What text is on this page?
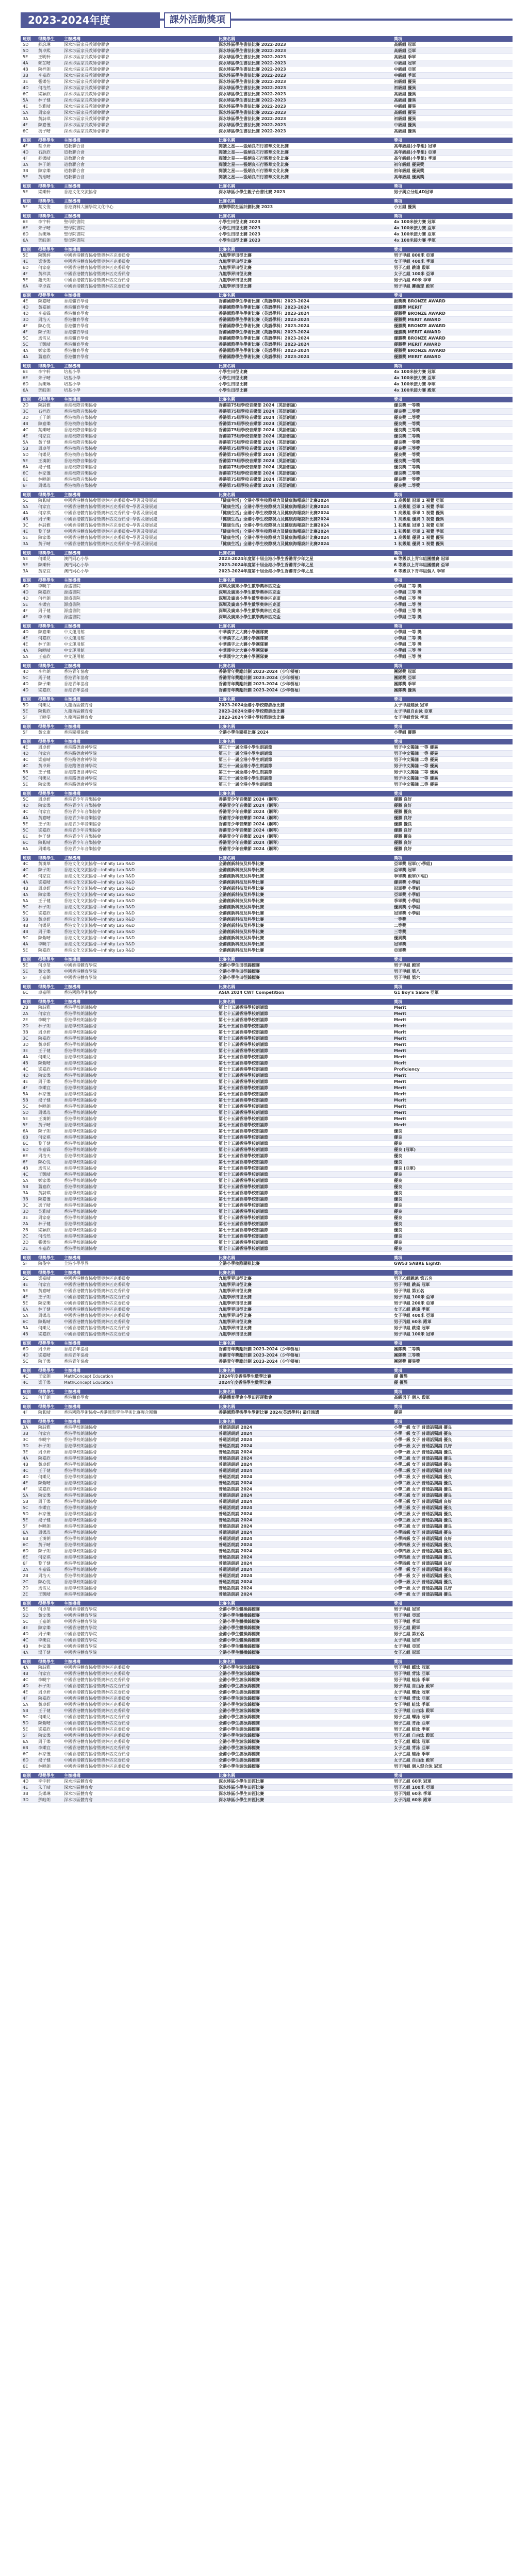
2023-2024年度	課外活動獎項
班別	得獎學生	主辦機構	比賽名稱	獎項
5D	蘇詠琳	深水埗區家長教師會聯會	深水埗區學生書法比賽 2022-2023	高級組 冠軍
5D	黃卓熙	深水埗區家長教師會聯會	深水埗區學生書法比賽 2022-2023	高級組 亞軍
5E	王明軒	深水埗區家長教師會聯會	深水埗區學生書法比賽 2022-2023	高級組 季軍
4A	鄭芷晴	深水埗區家長教師會聯會	深水埗區學生書法比賽 2022-2023	中級組 冠軍
4B	陳梓朗	深水埗區家長教師會聯會	深水埗區學生書法比賽 2022-2023	中級組 亞軍
3B	李嘉欣	深水埗區家長教師會聯會	深水埗區學生書法比賽 2022-2023	中級組 季軍
3E	張樂怡	深水埗區家長教師會聯會	深水埗區學生書法比賽 2022-2023	初級組 優異
4D	何浩然	深水埗區家長教師會聯會	深水埗區學生書法比賽 2022-2023	初級組 優異
6C	梁穎欣	深水埗區家長教師會聯會	深水埗區學生書法比賽 2022-2023	高級組 優異
5A	林子健	深水埗區家長教師會聯會	深水埗區學生書法比賽 2022-2023	高級組 優異
4E	吳雅晴	深水埗區家長教師會聯會	深水埗區學生書法比賽 2022-2023	中級組 優異
5A	周家豪	深水埗區家長教師會聯會	深水埗區學生書法比賽 2022-2023	高級組 優異
3A	黃詩琪	深水埗區家長教師會聯會	深水埗區學生書法比賽 2022-2023	初級組 優異
4F	陳嘉儀	深水埗區家長教師會聯會	深水埗區學生書法比賽 2022-2023	中級組 優異
6C	馮子晴	深水埗區家長教師會聯會	深水埗區學生書法比賽 2022-2023	高級組 優異
班別	得獎學生	主辦機構	比賽名稱	獎項
4F	蔡卓妍	道教聯合會	閱讀之星——張炳良石行將華文化比賽	高年級組(小學組) 冠軍
4D	石詠欣	道教聯合會	閱讀之星——張炳良石行將華文化比賽	高年級組(小學組) 亞軍
4F	蘇樂晴	道教聯合會	閱讀之星——張炳良石行將華文化比賽	高年級組(小學組) 季軍
3A	林子朗	道教聯合會	閱讀之星——張炳良石行將華文化比賽	初年級組 優異獎
3B	陳家樂	道教聯合會	閱讀之星——張炳良石行將華文化比賽	初年級組 優異獎
5E	黃翊晴	道教聯合會	閱讀之星——張炳良石行將華文化比賽	高年級組 優異獎
班別	得獎學生	主辦機構	比賽名稱	獎項
5E	梁樂軒	香港文化交流協會	深水埗區小學生親子台書比賽 2023	男子獨立分組4D冠軍
班別	得獎學生	主辦機構	比賽名稱	獎項
5F	葉文俊	香港資料大圖學院文化中心	康樂學院社區計劃比賽 2023	小五組 優異
班別	得獎學生	主辦機構	比賽名稱	獎項
6E	李宇軒	聖母院書院	小學生田徑比賽 2023	4x 100米接力賽 冠軍
6E	朱子晴	聖母院書院	小學生田徑比賽 2023	4x 100米接力賽 亞軍
6D	吳樂琳	聖母院書院	小學生田徑比賽 2023	4x 100米接力賽 亞軍
6A	鄧皓朗	聖母院書院	小學生田徑比賽 2023	4x 100米接力賽 季軍
班別	得獎學生	主辦機構	比賽名稱	獎項
5E	陳凱婷	中國香港體育協會暨奧林匹克委員會	九龍學界田徑比賽	男子甲組 800米 亞軍
4E	梁浚樂	中國香港體育協會暨奧林匹克委員會	九龍學界田徑比賽	女子甲組 400米 季軍
6D	何家豪	中國香港體育協會暨奧林匹克委員會	九龍學界田徑比賽	男子乙組 跳遠 殿軍
4F	黃梓淇	中國香港體育協會暨奧林匹克委員會	九龍學界田徑比賽	女子乙組 100米 亞軍
5E	趙天朗	中國香港體育協會暨奧林匹克委員會	九龍學界田徑比賽	男子丙組 60米 季軍
6A	李卓霖	中國香港體育協會暨奧林匹克委員會	九龍學界田徑比賽	男子甲組 擲壘球 殿軍
班別	得獎學生	主辦機構	比賽名稱	獎項
4E	陳嘉晴	香港體育學會	香港國際學生學術比賽（英語學科）2023-2024	銀獎獎 BRONZE AWARD
4D	黃嘉穎	香港體育學會	香港國際學生學術比賽（英語學科）2023-2024	優勝獎 MERIT
4D	李嘉霖	香港體育學會	香港國際學生學術比賽（英語學科）2023-2024	優勝獎 BRONZE AWARD
3D	周浩天	香港體育學會	香港國際學生學術比賽（英語學科）2023-2024	優勝獎 MERIT AWARD
4F	陳心悅	香港體育學會	香港國際學生學術比賽（英語學科）2023-2024	優勝獎 BRONZE AWARD
4F	陳子朗	香港體育學會	香港國際學生學術比賽（英語學科）2023-2024	優勝獎 MERIT AWARD
5C	馬雪兒	香港體育學會	香港國際學生學術比賽（英語學科）2023-2024	優勝獎 BRONZE AWARD
5C	王凱晴	香港體育學會	香港國際學生學術比賽（英語學科）2023-2024	優勝獎 MERIT AWARD
4A	鄭家樂	香港體育學會	香港國際學生學術比賽（英語學科）2023-2024	優勝獎 BRONZE AWARD
4A	蕭嘉欣	香港體育學會	香港國際學生學術比賽（英語學科）2023-2024	優勝獎 MERIT AWARD
班別	得獎學生	主辦機構	比賽名稱	獎項
6E	李宇軒	培基小學	小學生田徑比賽	4x 100米接力賽 冠軍
6E	朱子晴	培基小學	小學生田徑比賽	4x 100米接力賽 亞軍
6D	吳樂琳	培基小學	小學生田徑比賽	4x 100米接力賽 季軍
6A	鄧皓朗	培基小學	小學生田徑比賽	4x 100米接力賽 殿軍
班別	得獎學生	主辦機構	比賽名稱	獎項
2D	陳詩雅	香港校際音樂協會	香港第75屆學校音樂節 2024（英語朗誦）	優良獎 一等獎
3C	石梓欣	香港校際音樂協會	香港第75屆學校音樂節 2024（英語朗誦）	優良獎 二等獎
3D	王子朗	香港校際音樂協會	香港第75屆學校音樂節 2024（英語朗誦）	優良獎 二等獎
4B	陳嘉樂	香港校際音樂協會	香港第75屆學校音樂節 2024（英語朗誦）	優良獎 一等獎
4C	葉樂晴	香港校際音樂協會	香港第75屆學校音樂節 2024（英語朗誦）	優良獎 三等獎
4E	何家宜	香港校際音樂協會	香港第75屆學校音樂節 2024（英語朗誦）	優良獎 二等獎
5A	黃子健	香港校際音樂協會	香港第75屆學校音樂節 2024（英語朗誦）	優良獎 一等獎
5B	周卓瑩	香港校際音樂協會	香港第75屆學校音樂節 2024（英語朗誦）	優良獎 三等獎
5D	何樂兒	香港校際音樂協會	香港第75屆學校音樂節 2024（英語朗誦）	優良獎 一等獎
5E	王漢朝	香港校際音樂協會	香港第75屆學校音樂節 2024（英語朗誦）	優良獎 一等獎
6A	湯子健	香港校際音樂協會	香港第75屆學校音樂節 2024（英語朗誦）	優良獎 二等獎
6C	林家儀	香港校際音樂協會	香港第75屆學校音樂節 2024（英語朗誦）	優良獎 二等獎
6E	林曉朗	香港校際音樂協會	香港第75屆學校音樂節 2024（英語朗誦）	優良獎 一等獎
6F	周樂瑤	香港校際音樂協會	香港第75屆學校音樂節 2024（英語朗誦）	優良獎 二等獎
班別	得獎學生	主辦機構	比賽名稱	獎項
5C	陳紫晴	中國香港體育協會暨奧林匹克委員會─學習及發展處	「健康生活」全港小學生校際視力及健康海報設計比賽2024	1 高級組 冠軍 1 視覺 亞軍
5A	何家宜	中國香港體育協會暨奧林匹克委員會─學習及發展處	「健康生活」全港小學生校際視力及健康海報設計比賽2024	1 高級組 亞軍 1 視覺 季軍
4A	何家祺	中國香港體育協會暨奧林匹克委員會─學習及發展處	「健康生活」全港小學生校際視力及健康海報設計比賽2024	1 高級組 季軍 1 視覺 優異
4B	周子樂	中國香港體育協會暨奧林匹克委員會─學習及發展處	「健康生活」全港小學生校際視力及健康海報設計比賽2024	1 高級組 優異 1 視覺 優異
3C	林詩雅	中國香港體育協會暨奧林匹克委員會─學習及發展處	「健康生活」全港小學生校際視力及健康海報設計比賽2024	1 初級組 冠軍 1 視覺 亞軍
4E	黎子健	中國香港體育協會暨奧林匹克委員會─學習及發展處	「健康生活」全港小學生校際視力及健康海報設計比賽2024	1 初級組 亞軍 1 視覺 季軍
5E	陳家樂	中國香港體育協會暨奧林匹克委員會─學習及發展處	「健康生活」全港小學生校際視力及健康海報設計比賽2024	1 高級組 優異 1 視覺 優異
3A	黃子晴	中國香港體育協會暨奧林匹克委員會─學習及發展處	「健康生活」全港小學生校際視力及健康海報設計比賽2024	1 初級組 優異 1 視覺 優異
班別	得獎學生	主辦機構	比賽名稱	獎項
5E	何樂兒	澳門同心小學	2023-2024年度第十屆全港小學生香港青少年之星	6 等級以上青年組團體賽 冠軍
5E	陳樂軒	澳門同心小學	2023-2024年度第十屆全港小學生香港青少年之星	6 等級以上青年組團體賽 亞軍
3A	黃家宜	澳門同心小學	2023-2024年度第十屆全港小學生香港青少年之星	6 等級以下青年組個人 季軍
班別	得獎學生	主辦機構	比賽名稱	獎項
4D	李曉宇	源盛書院	深圳及廣東小學生數學奧林匹克盃	小學組 二等 獎
4D	陳嘉欣	源盛書院	深圳及廣東小學生數學奧林匹克盃	小學組 三等 獎
4D	何梓朗	源盛書院	深圳及廣東小學生數學奧林匹克盃	小學組 三等 獎
5E	李樂宜	源盛書院	深圳及廣東小學生數學奧林匹克盃	小學組 二等 獎
4F	周子健	源盛書院	深圳及廣東小學生數學奧林匹克盃	小學組 三等 獎
4E	李卓樂	源盛書院	深圳及廣東小學生數學奧林匹克盃	小學組 三等 獎
班別	得獎學生	主辦機構	比賽名稱	獎項
4D	陳嘉樂	中文運用館	中華漢字之大賽小學團隊賽	小學組 一等 獎
4E	何嘉欣	中文運用館	中華漢字之大賽小學團隊賽	小學組 二等 獎
4E	林子朗	中文運用館	中華漢字之大賽小學團隊賽	小學組 二等 獎
4A	陳曉晴	中文運用館	中華漢字之大賽小學團隊賽	小學組 三等 獎
5A	王嘉欣	中文運用館	中華漢字之大賽小學團隊賽	小學組 三等 獎
班別	得獎學生	主辦機構	比賽名稱	獎項
4D	李梓朗	香港青年協會	香港青年獎勵計劃 2023-2024（少年領袖）	團隊獎 冠軍
5C	馬子健	香港青年協會	香港青年獎勵計劃 2023-2024（少年領袖）	團隊獎 亞軍
4D	陳子樂	香港青年協會	香港青年獎勵計劃 2023-2024（少年領袖）	團隊獎 季軍
4D	梁嘉欣	香港青年協會	香港青年獎勵計劃 2023-2024（少年領袖）	團隊獎 優異
班別	得獎學生	主辦機構	比賽名稱	獎項
5D	何樂兒	九龍西區體育會	2023-2024全港小學校際游泳比賽	女子甲組蛙泳 冠軍
5E	陳紫欣	九龍西區體育會	2023-2024全港小學校際游泳比賽	女子甲組自由泳 亞軍
5F	王曉雯	九龍西區體育會	2023-2024全港小學校際游泳比賽	女子甲組背泳 季軍
班別	得獎學生	主辦機構	比賽名稱	獎項
5F	黃文康	香港圍棋協會	全港小學生圍棋比賽 2024	小學組 優勝
班別	得獎學生	主辦機構	比賽名稱	獎項
4E	周卓妍	香港路德會神學院	第三十一屆全港小學生朗誦節	男子中文獨誦 一等 優異
4D	何家宜	香港路德會神學院	第三十一屆全港小學生朗誦節	男子中文獨誦 一等 優異
4C	梁嘉晴	香港路德會神學院	第三十一屆全港小學生朗誦節	男子中文獨誦 二等 優異
4C	黃卓妍	香港路德會神學院	第三十一屆全港小學生朗誦節	男子中文獨誦 一等 優異
5B	王子健	香港路德會神學院	第三十一屆全港小學生朗誦節	男子中文獨誦 二等 優異
5C	何樂兒	香港路德會神學院	第三十一屆全港小學生朗誦節	男子中文獨誦 一等 優異
5E	陳家樂	香港路德會神學院	第三十一屆全港小學生朗誦節	男子中文獨誦 二等 優異
班別	得獎學生	主辦機構	比賽名稱	獎項
5C	周卓妍	香港青少年音樂協會	香港青少年音樂節 2024（鋼琴）	優勝 良好
4D	陳家樂	香港青少年音樂協會	香港青少年音樂節 2024（鋼琴）	優勝 良好
4C	何家宜	香港青少年音樂協會	香港青少年音樂節 2024（鋼琴）	優勝 優良
4A	黃嘉晴	香港青少年音樂協會	香港青少年音樂節 2024（鋼琴）	優勝 良好
5E	王子朗	香港青少年音樂協會	香港青少年音樂節 2024（鋼琴）	優勝 優良
5C	梁嘉欣	香港青少年音樂協會	香港青少年音樂節 2024（鋼琴）	優勝 良好
6E	林子健	香港青少年音樂協會	香港青少年音樂節 2024（鋼琴）	優勝 優良
6C	陳紫晴	香港青少年音樂協會	香港青少年音樂節 2024（鋼琴）	優勝 良好
6A	周樂瑤	香港青少年音樂協會	香港青少年音樂節 2024（鋼琴）	優勝 良好
班別	得獎學生	主辦機構	比賽名稱	獎項
4C	黃漢華	香港文化交流協會—Infinity Lab R&D	全港創新科技及科學比賽	亞軍獎 冠軍(小學組)
4C	陳子朗	香港文化交流協會—Infinity Lab R&D	全港創新科技及科學比賽	亞軍獎 冠軍
4C	何家宜	香港文化交流協會—Infinity Lab R&D	全港創新科技及科學比賽	季軍獎 殿軍(中組)
4A	梁嘉晴	香港文化交流協會—Infinity Lab R&D	全港創新科技及科學比賽	優異獎 小學組
4B	周卓妍	香港文化交流協會—Infinity Lab R&D	全港創新科技及科學比賽	冠軍獎 小學組
4A	陳家樂	香港文化交流協會—Infinity Lab R&D	全港創新科技及科學比賽	亞軍獎 小學組
5A	王子健	香港文化交流協會—Infinity Lab R&D	全港創新科技及科學比賽	季軍獎 小學組
5C	林子朗	香港文化交流協會—Infinity Lab R&D	全港創新科技及科學比賽	優異獎 小學組
5C	梁嘉欣	香港文化交流協會—Infinity Lab R&D	全港創新科技及科學比賽	冠軍獎 小學組
5B	黃卓妍	香港文化交流協會—Infinity Lab R&D	全港創新科技及科學比賽	一等獎
4B	何樂兒	香港文化交流協會—Infinity Lab R&D	全港創新科技及科學比賽	二等獎
4B	周子樂	香港文化交流協會—Infinity Lab R&D	全港創新科技及科學比賽	三等獎
5C	陳紫晴	香港文化交流協會—Infinity Lab R&D	全港創新科技及科學比賽	優異獎
4A	李曉宇	香港文化交流協會—Infinity Lab R&D	全港創新科技及科學比賽	冠軍獎
5E	陳嘉欣	香港文化交流協會—Infinity Lab R&D	全港創新科技及科學比賽	亞軍獎
班別	得獎學生	主辦機構	比賽名稱	獎項
5E	何卓瑩	中國香港體育學院	全港小學生田徑錦標賽	男子甲組 殿軍
5E	黃文樂	中國香港體育學院	全港小學生田徑錦標賽	男子甲組 第八
5F	王嘉朗	中國香港體育學院	全港小學生田徑錦標賽	男子甲組 第六
班別	得獎學生	主辦機構	比賽名稱	獎項
6C	卓嘉明	香港國際學術協會	ASIA 2024 CWT Competition	G1 Boy's Sabre 亞軍
班別	得獎學生	主辦機構	比賽名稱	獎項
2B	陳詩雅	香港學校朗誦協會	第七十五屆香港學校朗誦節	Merit
2A	何家宜	香港學校朗誦協會	第七十五屆香港學校朗誦節	Merit
2E	李曉宇	香港學校朗誦協會	第七十五屆香港學校朗誦節	Merit
2D	林子朗	香港學校朗誦協會	第七十五屆香港學校朗誦節	Merit
3B	周卓妍	香港學校朗誦協會	第七十五屆香港學校朗誦節	Merit
3C	陳嘉欣	香港學校朗誦協會	第七十五屆香港學校朗誦節	Merit
3D	黃卓妍	香港學校朗誦協會	第七十五屆香港學校朗誦節	Merit
3E	王子健	香港學校朗誦協會	第七十五屆香港學校朗誦節	Merit
4A	何樂兒	香港學校朗誦協會	第七十五屆香港學校朗誦節	Merit
4B	陳紫晴	香港學校朗誦協會	第七十五屆香港學校朗誦節	Merit
4C	梁嘉欣	香港學校朗誦協會	第七十五屆香港學校朗誦節	Proficiency
4D	陳家樂	香港學校朗誦協會	第七十五屆香港學校朗誦節	Merit
4E	周子樂	香港學校朗誦協會	第七十五屆香港學校朗誦節	Merit
4F	李樂宜	香港學校朗誦協會	第七十五屆香港學校朗誦節	Merit
5A	林家儀	香港學校朗誦協會	第七十五屆香港學校朗誦節	Merit
5B	湯子健	香港學校朗誦協會	第七十五屆香港學校朗誦節	Merit
5C	林曉朗	香港學校朗誦協會	第七十五屆香港學校朗誦節	Merit
5D	周樂瑤	香港學校朗誦協會	第七十五屆香港學校朗誦節	Merit
5E	王漢朝	香港學校朗誦協會	第七十五屆香港學校朗誦節	Merit
5F	黃子晴	香港學校朗誦協會	第七十五屆香港學校朗誦節	Merit
6A	陳子朗	香港學校朗誦協會	第七十五屆香港學校朗誦節	優良
6B	何家祺	香港學校朗誦協會	第七十五屆香港學校朗誦節	優良
6C	黎子健	香港學校朗誦協會	第七十五屆香港學校朗誦節	優良
6D	李嘉霖	香港學校朗誦協會	第七十五屆香港學校朗誦節	優良 (冠軍)
6E	周浩天	香港學校朗誦協會	第七十五屆香港學校朗誦節	優良
6F	陳心悅	香港學校朗誦協會	第七十五屆香港學校朗誦節	優良
4B	馬雪兒	香港學校朗誦協會	第七十五屆香港學校朗誦節	優良 (亞軍)
4C	王凱晴	香港學校朗誦協會	第七十五屆香港學校朗誦節	優良
5A	鄭家樂	香港學校朗誦協會	第七十五屆香港學校朗誦節	優良
5B	蕭嘉欣	香港學校朗誦協會	第七十五屆香港學校朗誦節	優良
3A	黃詩琪	香港學校朗誦協會	第七十五屆香港學校朗誦節	優良
3B	陳嘉儀	香港學校朗誦協會	第七十五屆香港學校朗誦節	優良
3C	馮子晴	香港學校朗誦協會	第七十五屆香港學校朗誦節	優良
3D	吳雅晴	香港學校朗誦協會	第七十五屆香港學校朗誦節	優良
3E	周家豪	香港學校朗誦協會	第七十五屆香港學校朗誦節	優良
2A	林子健	香港學校朗誦協會	第七十五屆香港學校朗誦節	優良
2B	梁穎欣	香港學校朗誦協會	第七十五屆香港學校朗誦節	優良
2C	何浩然	香港學校朗誦協會	第七十五屆香港學校朗誦節	優良
2D	張樂怡	香港學校朗誦協會	第七十五屆香港學校朗誦節	優良
2E	李嘉欣	香港學校朗誦協會	第七十五屆香港學校朗誦節	優良
班別	得獎學生	主辦機構	比賽名稱	獎項
5F	陳俊宇	全港小學學界	全港小學校際圍棋比賽	GW53 SABRE Eighth
班別	得獎學生	主辦機構	比賽名稱	獎項
5C	梁嘉晴	中國香港體育協會暨奧林匹克委員會	九龍學界田徑比賽	男子乙組跳遠 第五名
4E	何家宜	中國香港體育協會暨奧林匹克委員會	九龍學界田徑比賽	男子甲組 跳高 冠軍
5E	黃嘉晴	中國香港體育協會暨奧林匹克委員會	九龍學界田徑比賽	男子甲組 第五名
4E	王子朗	中國香港體育協會暨奧林匹克委員會	九龍學界田徑比賽	男子甲組 100米 亞軍
5E	陳家樂	中國香港體育協會暨奧林匹克委員會	九龍學界田徑比賽	男子甲組 200米 亞軍
6A	林子健	中國香港體育協會暨奧林匹克委員會	九龍學界田徑比賽	女子乙組 跳遠 季軍
5A	周樂瑤	中國香港體育協會暨奧林匹克委員會	九龍學界田徑比賽	女子甲組 400米 亞軍
6C	陳紫晴	中國香港體育協會暨奧林匹克委員會	九龍學界田徑比賽	男子丙組 60米 殿軍
5A	何樂兒	中國香港體育協會暨奧林匹克委員會	九龍學界田徑比賽	男子甲組 跳遠 冠軍
4B	梁嘉欣	中國香港體育協會暨奧林匹克委員會	九龍學界田徑比賽	男子甲組 100米 冠軍
班別	得獎學生	主辦機構	比賽名稱	獎項
6D	周卓妍	香港青年協會	香港青年獎勵計劃 2023-2024（少年領袖）	團隊獎 二等獎
4D	梁嘉晴	香港青年協會	香港青年獎勵計劃 2023-2024（少年領袖）	團隊獎 三等獎
5C	陳子樂	香港青年協會	香港青年獎勵計劃 2023-2024（少年領袖）	團隊獎 優異獎
班別	得獎學生	主辦機構	比賽名稱	獎項
4C	王家朗	MathConcept Education	2024年度香港學生數學比賽	優 優異
4C	梁子樂	MathConcept Education	2024年度香港學生數學比賽	優 優異
班別	得獎學生	主辦機構	比賽名稱	獎項
5E	何子朗	香港體育學會	香港體育學會小學田徑運動會	高級男子 個人 殿軍
班別	得獎學生	主辦機構	比賽名稱	獎項
4F	陳紫晴	香港國際學術協會─香港國際學生學術比賽聯合團體	香港國際學術學生學術比賽 2024(英語學科) 最佳演講	優異
班別	得獎學生	主辦機構	比賽名稱	獎項
3A	陳詩雅	香港學校朗誦協會	普通話朗誦 2024	小學一級 女子 普通話獨誦 優良
3B	何家宜	香港學校朗誦協會	普通話朗誦 2024	小學一級 女子 普通話獨誦 優良
3C	李曉宇	香港學校朗誦協會	普通話朗誦 2024	小學一級 女子 普通話獨誦 優良
3D	林子朗	香港學校朗誦協會	普通話朗誦 2024	小學一級 女子 普通話獨誦 良好
3E	周卓妍	香港學校朗誦協會	普通話朗誦 2024	小學一級 女子 普通話獨誦 優良
4A	陳嘉欣	香港學校朗誦協會	普通話朗誦 2024	小學二級 女子 普通話獨誦 優良
4B	黃卓妍	香港學校朗誦協會	普通話朗誦 2024	小學二級 女子 普通話獨誦 優良
4C	王子健	香港學校朗誦協會	普通話朗誦 2024	小學二級 女子 普通話獨誦 良好
4D	何樂兒	香港學校朗誦協會	普通話朗誦 2024	小學二級 女子 普通話獨誦 優良
4E	陳紫晴	香港學校朗誦協會	普通話朗誦 2024	小學二級 女子 普通話獨誦 優良
4F	梁嘉欣	香港學校朗誦協會	普通話朗誦 2024	小學二級 女子 普通話獨誦 優良
5A	陳家樂	香港學校朗誦協會	普通話朗誦 2024	小學三級 女子 普通話獨誦 優良
5B	周子樂	香港學校朗誦協會	普通話朗誦 2024	小學三級 女子 普通話獨誦 良好
5C	李樂宜	香港學校朗誦協會	普通話朗誦 2024	小學三級 女子 普通話獨誦 優良
5D	林家儀	香港學校朗誦協會	普通話朗誦 2024	小學三級 女子 普通話獨誦 優良
5E	湯子健	香港學校朗誦協會	普通話朗誦 2024	小學三級 女子 普通話獨誦 優良
5F	林曉朗	香港學校朗誦協會	普通話朗誦 2024	小學三級 女子 普通話獨誦 優良
6A	周樂瑤	香港學校朗誦協會	普通話朗誦 2024	小學四級 女子 普通話獨誦 優良
6B	王漢朝	香港學校朗誦協會	普通話朗誦 2024	小學四級 女子 普通話獨誦 良好
6C	黃子晴	香港學校朗誦協會	普通話朗誦 2024	小學四級 女子 普通話獨誦 優良
6D	陳子朗	香港學校朗誦協會	普通話朗誦 2024	小學四級 女子 普通話獨誦 優良
6E	何家祺	香港學校朗誦協會	普通話朗誦 2024	小學四級 女子 普通話獨誦 優良
6F	黎子健	香港學校朗誦協會	普通話朗誦 2024	小學四級 女子 普通話獨誦 良好
2A	李嘉霖	香港學校朗誦協會	普通話朗誦 2024	小學一級 女子 普通話獨誦 優良
2B	周浩天	香港學校朗誦協會	普通話朗誦 2024	小學一級 女子 普通話獨誦 優良
2C	陳心悅	香港學校朗誦協會	普通話朗誦 2024	小學一級 女子 普通話獨誦 優良
2D	馬雪兒	香港學校朗誦協會	普通話朗誦 2024	小學一級 女子 普通話獨誦 良好
2E	王凱晴	香港學校朗誦協會	普通話朗誦 2024	小學一級 女子 普通話獨誦 優良
班別	得獎學生	主辦機構	比賽名稱	獎項
5E	何卓瑩	中國香港體育學院	全港小學生體操錦標賽	男子甲組 冠軍
5D	黃文樂	中國香港體育學院	全港小學生體操錦標賽	男子甲組 亞軍
5C	王嘉朗	中國香港體育學院	全港小學生體操錦標賽	男子甲組 季軍
4E	陳家樂	中國香港體育學院	全港小學生體操錦標賽	男子乙組 殿軍
4D	周子樂	中國香港體育學院	全港小學生體操錦標賽	男子乙組 第五名
4C	李樂宜	中國香港體育學院	全港小學生體操錦標賽	女子甲組 冠軍
4B	林家儀	中國香港體育學院	全港小學生體操錦標賽	女子甲組 亞軍
4A	湯子健	中國香港體育學院	全港小學生體操錦標賽	女子乙組 冠軍
班別	得獎學生	主辦機構	比賽名稱	獎項
4A	陳詩雅	中國香港體育協會暨奧林匹克委員會	全港小學生游泳錦標賽	男子甲組 蝶泳 冠軍
4B	何家宜	中國香港體育協會暨奧林匹克委員會	全港小學生游泳錦標賽	男子甲組 背泳 亞軍
4C	李曉宇	中國香港體育協會暨奧林匹克委員會	全港小學生游泳錦標賽	男子甲組 蛙泳 季軍
4D	林子朗	中國香港體育協會暨奧林匹克委員會	全港小學生游泳錦標賽	男子甲組 自由泳 殿軍
4E	周卓妍	中國香港體育協會暨奧林匹克委員會	全港小學生游泳錦標賽	女子甲組 蝶泳 冠軍
4F	陳嘉欣	中國香港體育協會暨奧林匹克委員會	全港小學生游泳錦標賽	女子甲組 背泳 亞軍
5A	黃卓妍	中國香港體育協會暨奧林匹克委員會	全港小學生游泳錦標賽	女子甲組 蛙泳 季軍
5B	王子健	中國香港體育協會暨奧林匹克委員會	全港小學生游泳錦標賽	女子甲組 自由泳 殿軍
5C	何樂兒	中國香港體育協會暨奧林匹克委員會	全港小學生游泳錦標賽	男子乙組 蝶泳 冠軍
5D	陳紫晴	中國香港體育協會暨奧林匹克委員會	全港小學生游泳錦標賽	男子乙組 背泳 亞軍
5E	梁嘉欣	中國香港體育協會暨奧林匹克委員會	全港小學生游泳錦標賽	男子乙組 蛙泳 季軍
5F	陳家樂	中國香港體育協會暨奧林匹克委員會	全港小學生游泳錦標賽	男子乙組 自由泳 殿軍
6A	周子樂	中國香港體育協會暨奧林匹克委員會	全港小學生游泳錦標賽	女子乙組 蝶泳 冠軍
6B	李樂宜	中國香港體育協會暨奧林匹克委員會	全港小學生游泳錦標賽	女子乙組 背泳 亞軍
6C	林家儀	中國香港體育協會暨奧林匹克委員會	全港小學生游泳錦標賽	女子乙組 蛙泳 季軍
6D	湯子健	中國香港體育協會暨奧林匹克委員會	全港小學生游泳錦標賽	女子乙組 自由泳 殿軍
6E	林曉朗	中國香港體育協會暨奧林匹克委員會	全港小學生游泳錦標賽	男子丙組 個人混合泳 冠軍
班別	得獎學生	主辦機構	比賽名稱	獎項
4D	李宇軒	深水埗區體育會	深水埗區小學生田徑比賽	男子乙組 60米 冠軍
4E	朱子晴	深水埗區體育會	深水埗區小學生田徑比賽	男子乙組 100米 亞軍
3B	吳樂琳	深水埗區體育會	深水埗區小學生田徑比賽	男子丙組 60米 季軍
3D	鄧皓朗	深水埗區體育會	深水埗區小學生田徑比賽	女子丙組 60米 殿軍
